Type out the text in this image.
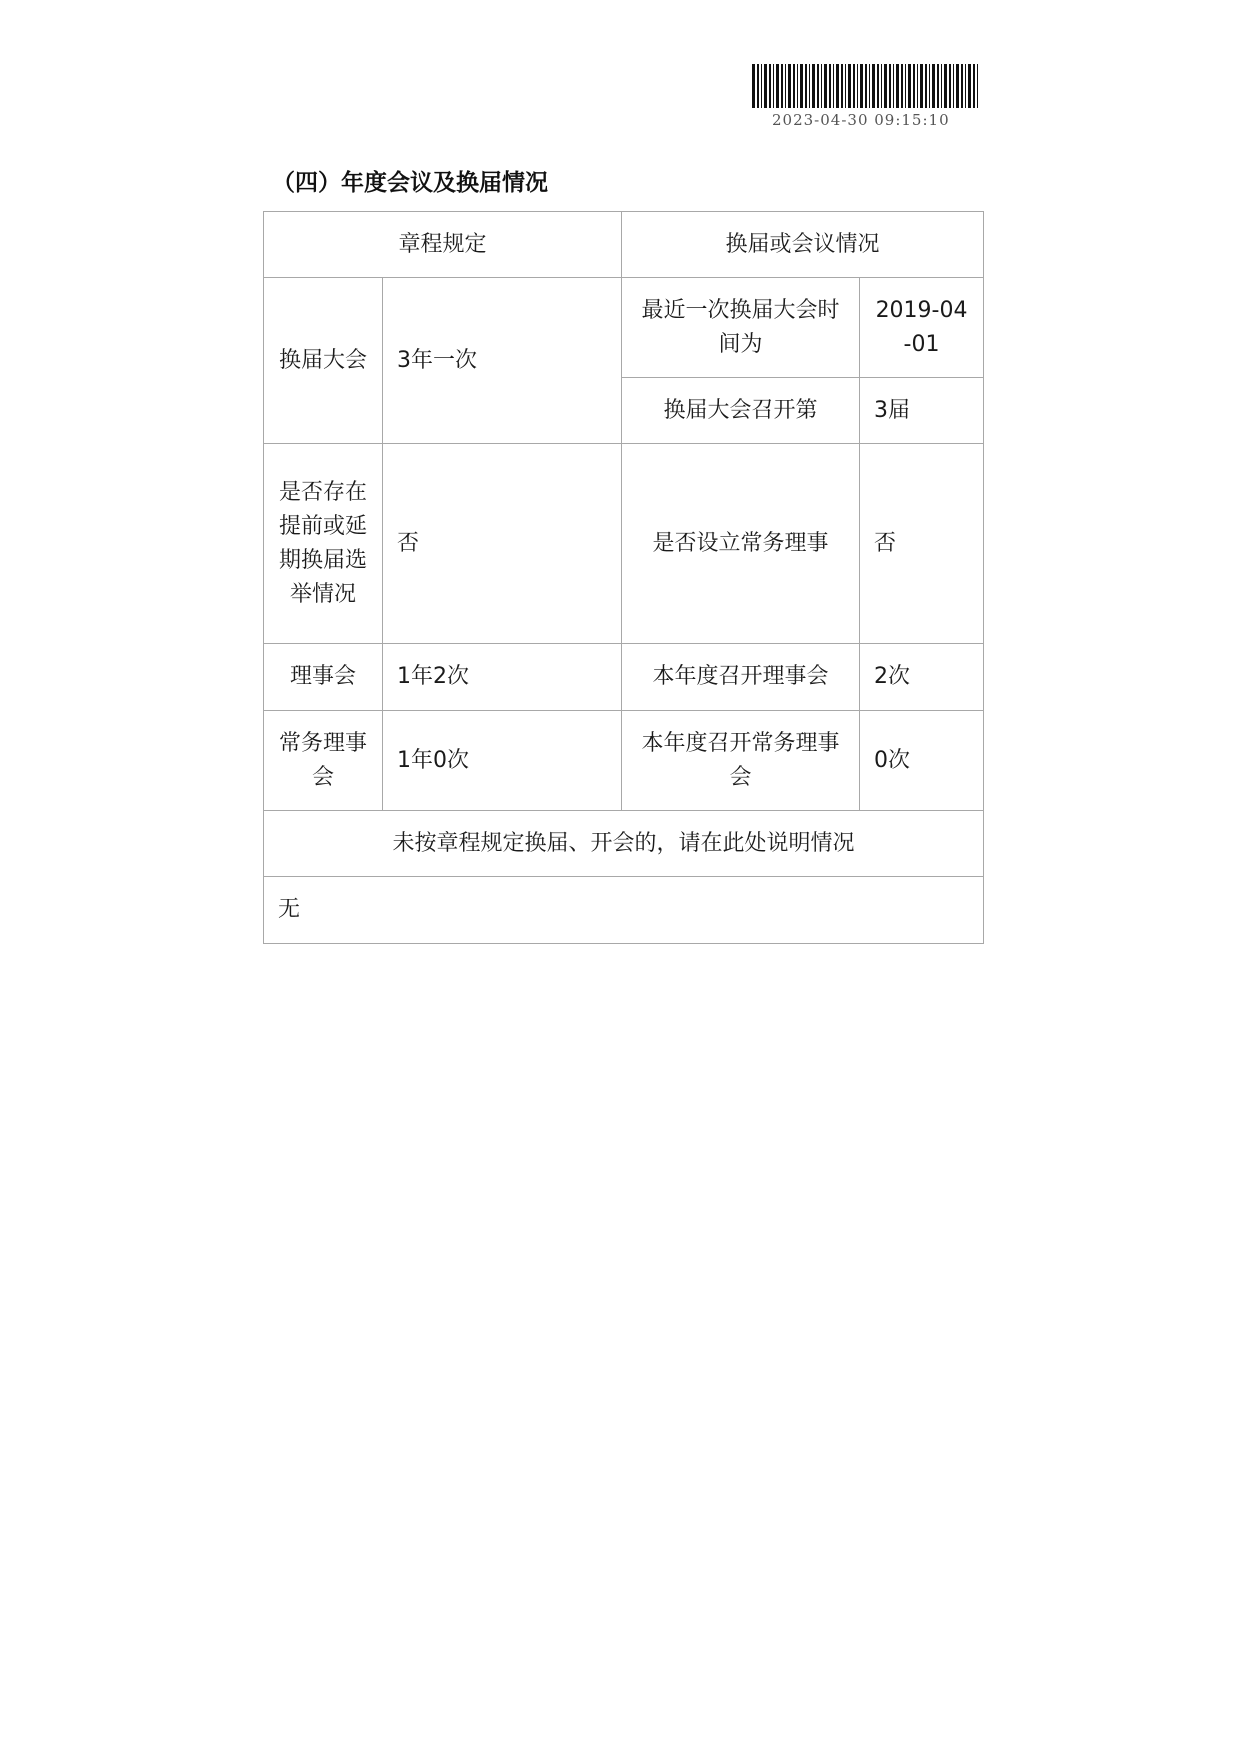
2023-04-30 09:15:10
（四）年度会议及换届情况
章程规定		换届或会议情况	
换届大会	3年一次	最近一次换届大会时间为	2019-04-01
		换届大会召开第	3届
是否存在提前或延期换届选举情况	否	是否设立常务理事	否
理事会	1年2次	本年度召开理事会	2次
常务理事会	1年0次	本年度召开常务理事会	0次
未按章程规定换届、开会的，请在此处说明情况			
无			
